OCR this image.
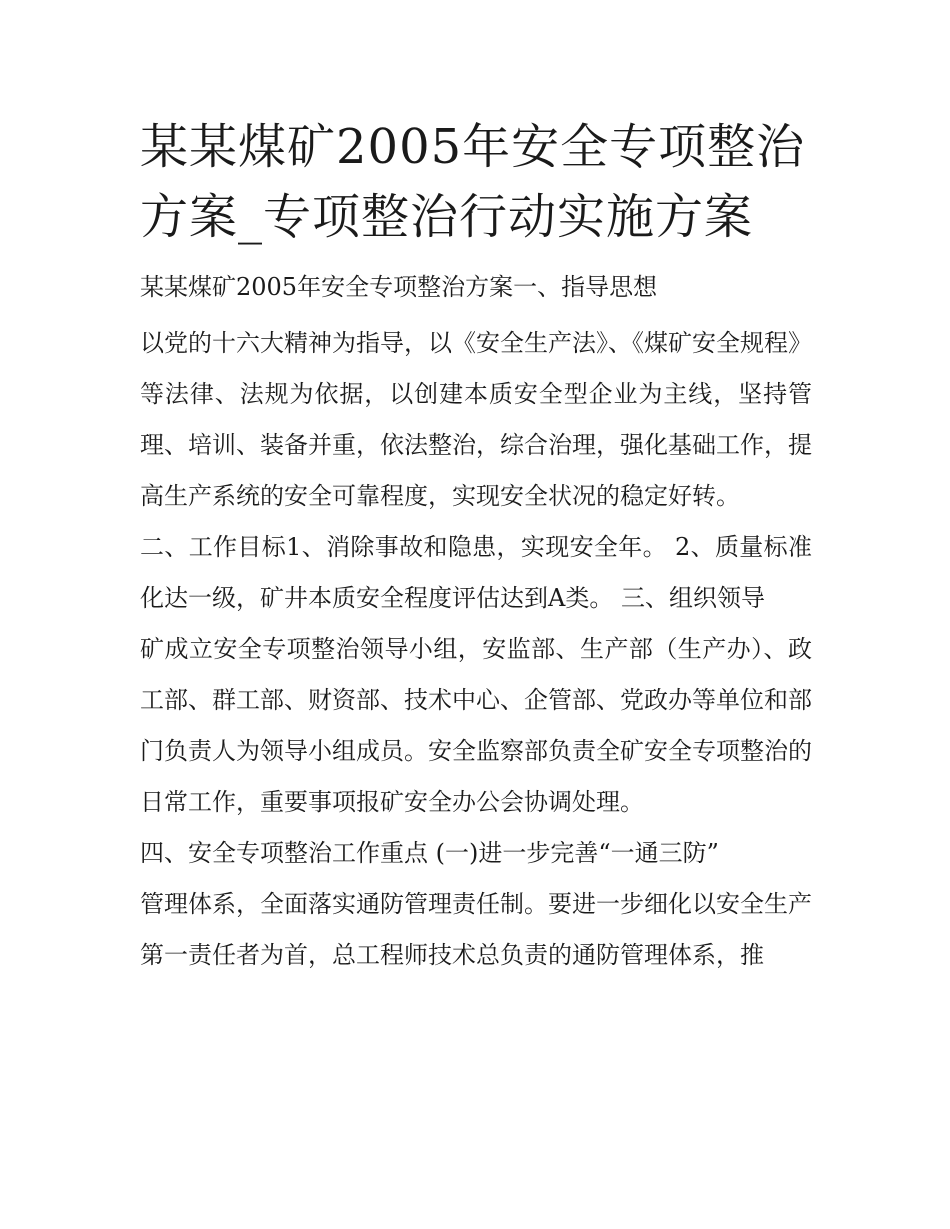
某某煤矿2005年安全专项整治方案_专项整治行动实施方案

某某煤矿2005年安全专项整治方案一、指导思想

以党的十六大精神为指导，以《安全生产法》、《煤矿安全规程》等法律、法规为依据，以创建本质安全型企业为主线，坚持管理、培训、装备并重，依法整治，综合治理，强化基础工作，提高生产系统的安全可靠程度，实现安全状况的稳定好转。

二、工作目标1、消除事故和隐患，实现安全年。 2、质量标准化达一级，矿井本质安全程度评估达到A类。 三、组织领导

矿成立安全专项整治领导小组，安监部、生产部（生产办）、政工部、群工部、财资部、技术中心、企管部、党政办等单位和部门负责人为领导小组成员。安全监察部负责全矿安全专项整治的日常工作，重要事项报矿安全办公会协调处理。

四、安全专项整治工作重点 (一)进一步完善“一通三防”

管理体系，全面落实通防管理责任制。要进一步细化以安全生产第一责任者为首，总工程师技术总负责的通防管理体系，推
